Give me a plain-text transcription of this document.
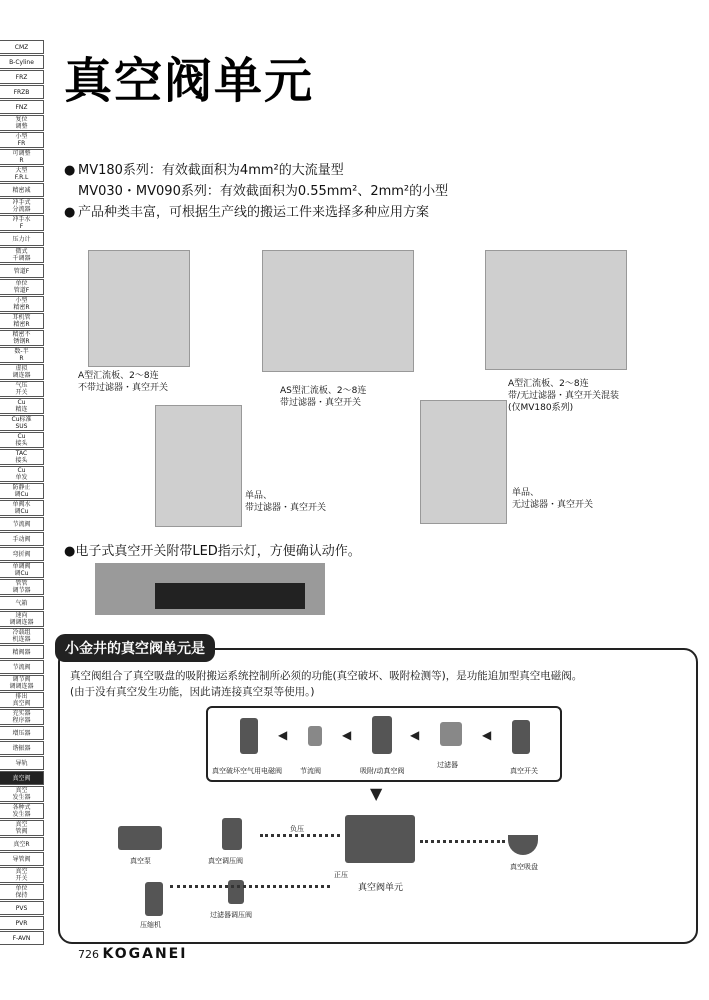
CMZ
B-Cyline
FRZ
FRZB
FNZ
复位
调整
小型
FR
可调整
R
大型
F.R.L
精密减
冲手式
分流器
冲手水
F
压力计
微式
千调器
管道F
单位
管道F
小型
精密R
耳机管
精密R
精密不
锈钢R
数-半
R
虚拟
调连器
气压
开关
Cu
精连
Cu标准
SUS
Cu
接头
TAC
接头
Cu
单发
防静止
调Cu
单阀水
调Cu
节流阀
手动阀
弯折阀
单调阀
调Cu
管管
调节器
气箱
速向
调调连器
冷载组
机连器
精阀器
节流阀
调节阀
调调连器
排出
真空阀
充实器
程序器
增压器
谐振器
导轨
真空阀
真空
发生器
各种式
发生器
真空
管阀
真空R
导管阀
真空
开关
单位
保持
PVS
PVR
F-AVN
真空阀单元
● MV180系列：有效截面积为4mm²的大流量型
MV030・MV090系列：有效截面积为0.55mm²、2mm²的小型
● 产品种类丰富，可根据生产线的搬运工件来选择多种应用方案
A型汇流板、2～8连
不带过滤器・真空开关	AS型汇流板、2～8连
带过滤器・真空开关
A型汇流板、2～8连
带/无过滤器・真空开关混装
(仅MV180系列)
单品、
带过滤器・真空开关
单品、
无过滤器・真空开关
●电子式真空开关附带LED指示灯，方便确认动作。
小金井的真空阀单元是
真空阀组合了真空吸盘的吸附搬运系统控制所必须的功能(真空破坏、吸附检测等)，是功能追加型真空电磁阀。
(由于没有真空发生功能，因此请连接真空泵等使用。)
◀	◀	◀	◀
真空破坏空气用电磁阀	节流阀	吸附/动真空阀
过滤器
真空开关
▼
真空泵	真空调压阀
真空阀单元
真空吸盘
过滤器调压阀
压缩机
负压
正压
726 KOGANEI
